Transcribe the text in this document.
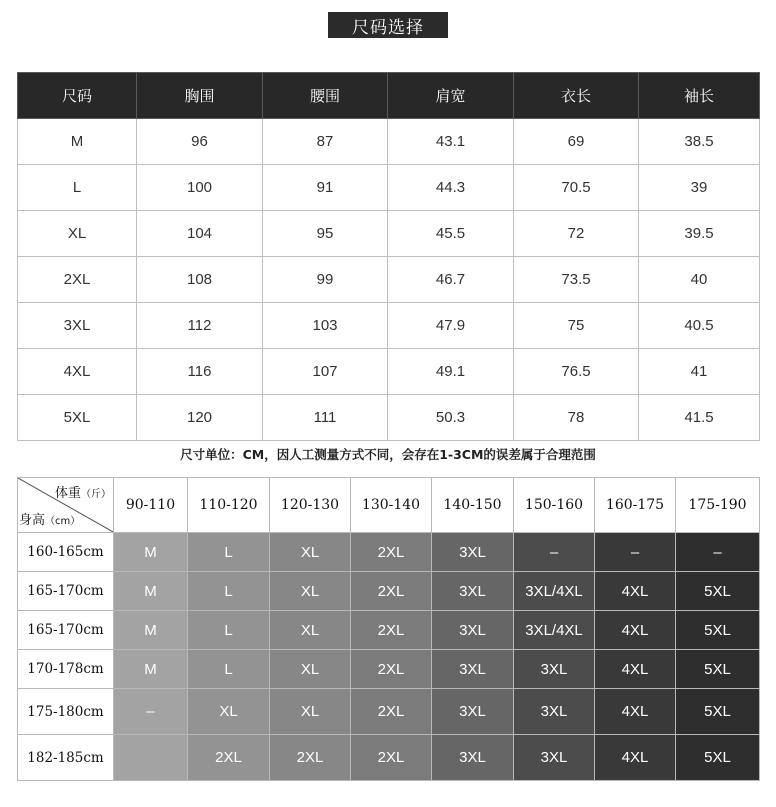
尺码选择
尺码	胸围	腰围	肩宽	衣长	袖长
M	96	87	43.1	69	38.5
L	100	91	44.3	70.5	39
XL	104	95	45.5	72	39.5
2XL	108	99	46.7	73.5	40
3XL	112	103	47.9	75	40.5
4XL	116	107	49.1	76.5	41
5XL	120	111	50.3	78	41.5
尺寸单位：CM，因人工测量方式不同，会存在1-3CM的误差属于合理范围
体重（斤）
身高（cm）	90-110	110-120	120-130	130-140	140-150	150-160	160-175	175-190
160-165cm	M	L	XL	2XL	3XL	–	–	–
165-170cm	M	L	XL	2XL	3XL	3XL/4XL	4XL	5XL
165-170cm	M	L	XL	2XL	3XL	3XL/4XL	4XL	5XL
170-178cm	M	L	XL	2XL	3XL	3XL	4XL	5XL
175-180cm	–	XL	XL	2XL	3XL	3XL	4XL	5XL
182-185cm		2XL	2XL	2XL	3XL	3XL	4XL	5XL
